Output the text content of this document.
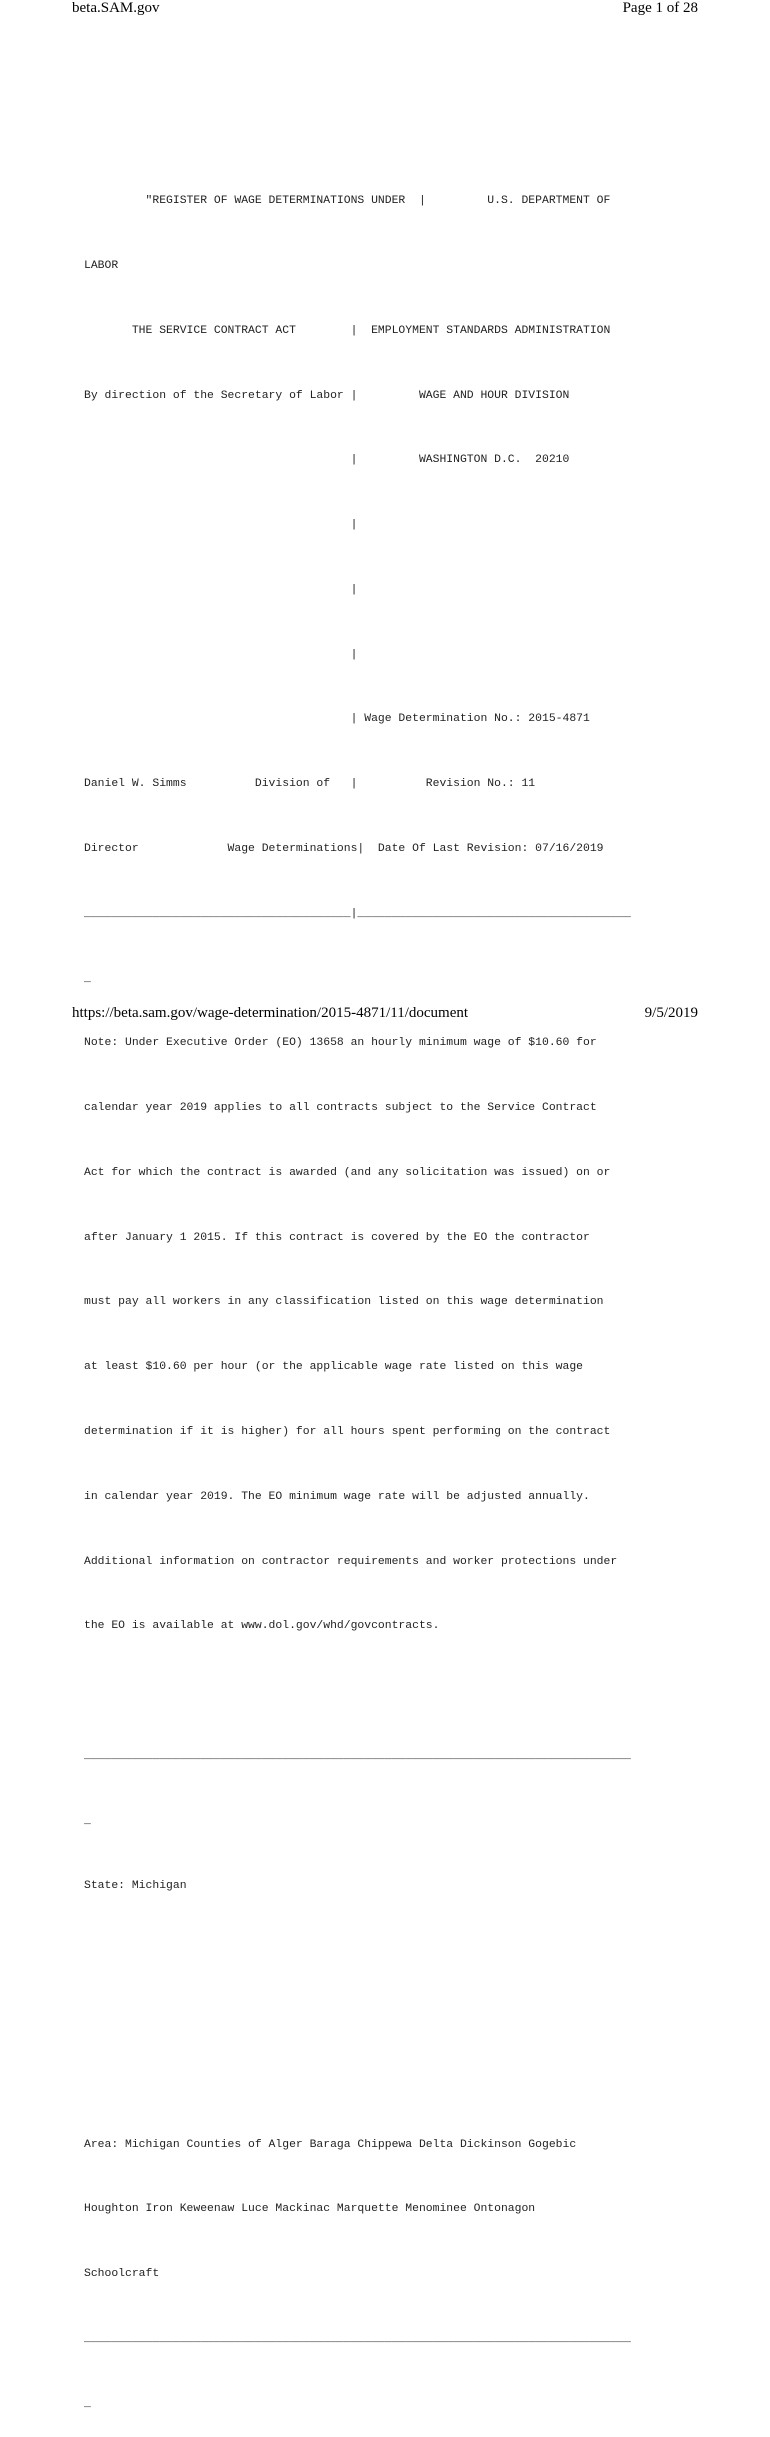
beta.SAM.gov	Page 1 of 28

"REGISTER OF WAGE DETERMINATIONS UNDER  |         U.S. DEPARTMENT OF

LABOR

THE SERVICE CONTRACT ACT        |  EMPLOYMENT STANDARDS ADMINISTRATION

By direction of the Secretary of Labor |         WAGE AND HOUR DIVISION

|         WASHINGTON D.C.  20210

|

|

|

| Wage Determination No.: 2015-4871

Daniel W. Simms          Division of   |          Revision No.: 11

Director             Wage Determinations|  Date Of Last Revision: 07/16/2019

_______________________________________|________________________________________

_

Note: Under Executive Order (EO) 13658 an hourly minimum wage of $10.60 for

calendar year 2019 applies to all contracts subject to the Service Contract

Act for which the contract is awarded (and any solicitation was issued) on or

after January 1 2015. If this contract is covered by the EO the contractor

must pay all workers in any classification listed on this wage determination

at least $10.60 per hour (or the applicable wage rate listed on this wage

determination if it is higher) for all hours spent performing on the contract

in calendar year 2019. The EO minimum wage rate will be adjusted annually.

Additional information on contractor requirements and worker protections under

the EO is available at www.dol.gov/whd/govcontracts.

________________________________________________________________________________

_

State: Michigan

Area: Michigan Counties of Alger Baraga Chippewa Delta Dickinson Gogebic

Houghton Iron Keweenaw Luce Mackinac Marquette Menominee Ontonagon

Schoolcraft

________________________________________________________________________________

_

https://beta.sam.gov/wage-determination/2015-4871/11/document	9/5/2019
